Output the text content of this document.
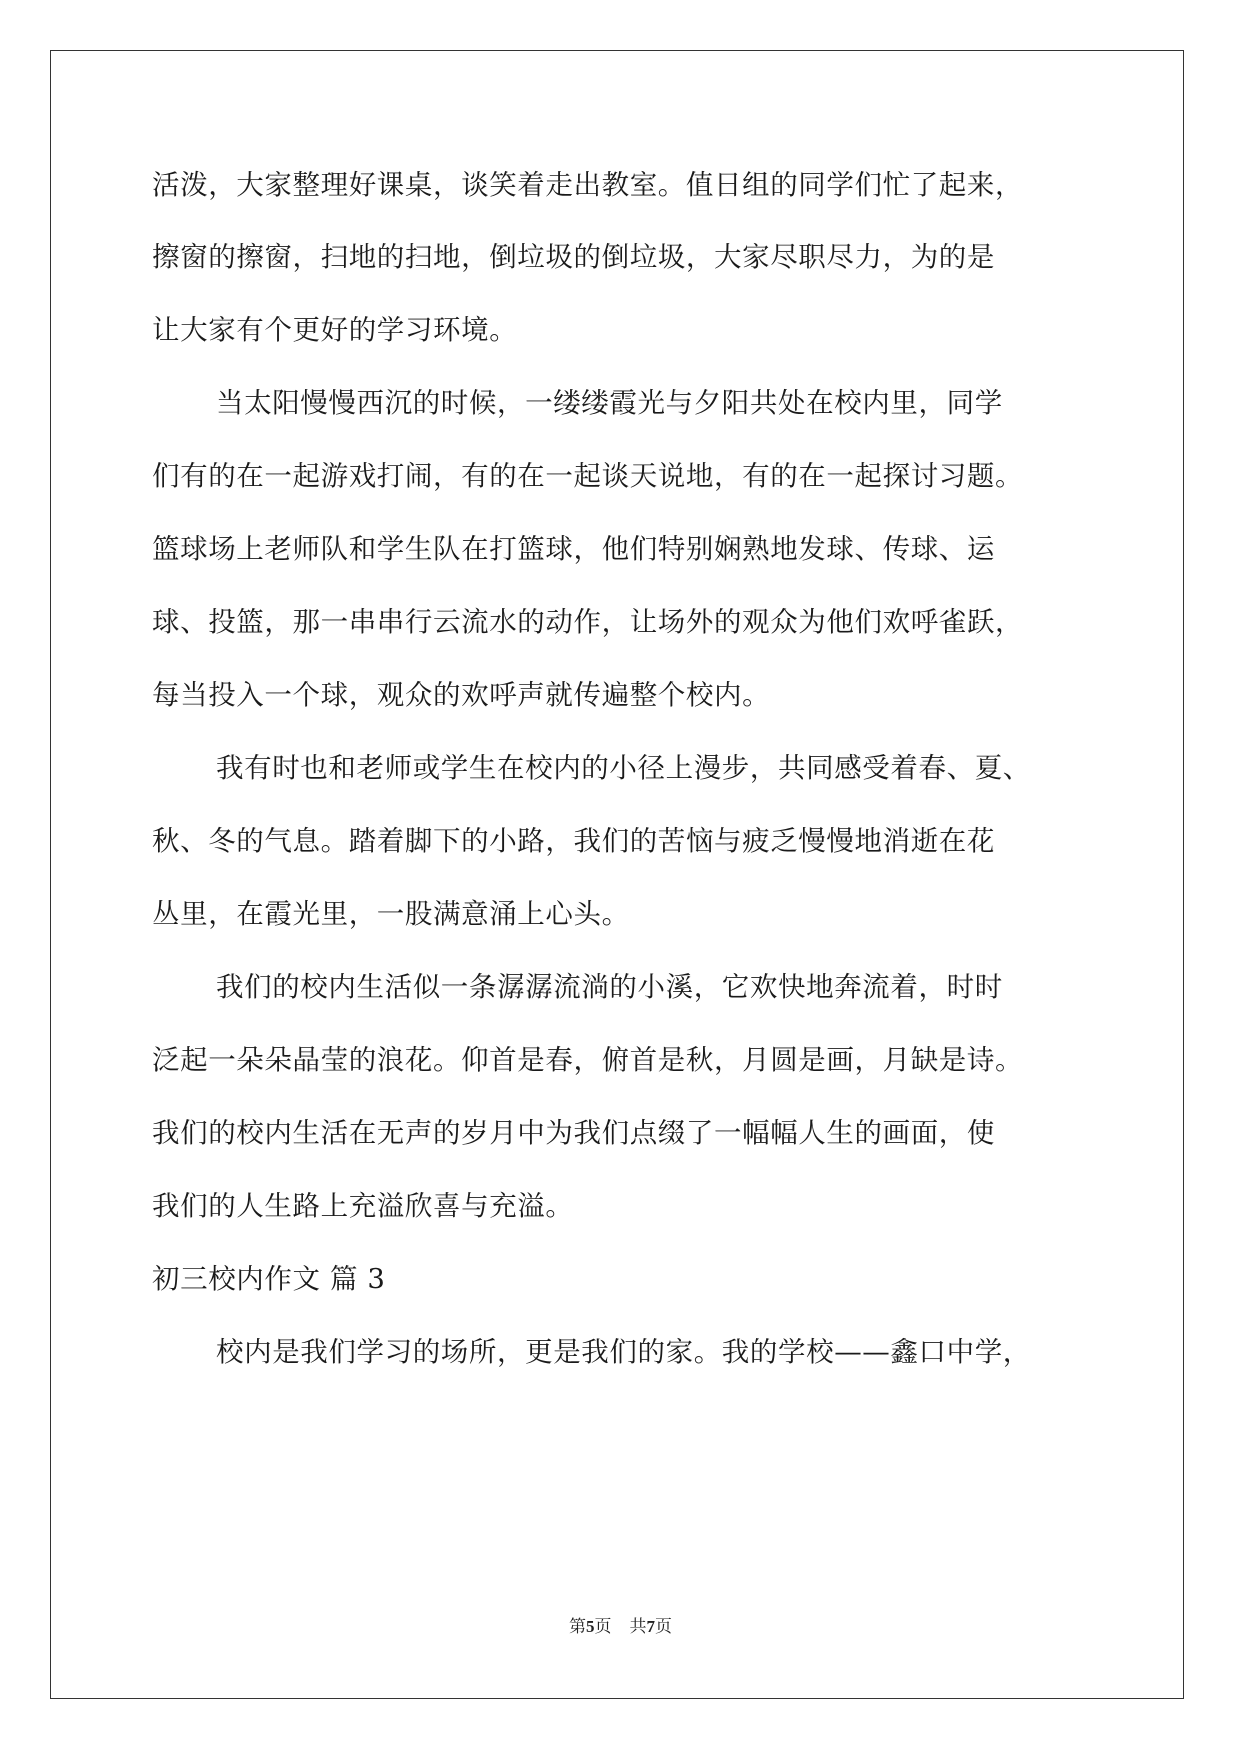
活泼，大家整理好课桌，谈笑着走出教室。值日组的同学们忙了起来，
擦窗的擦窗，扫地的扫地，倒垃圾的倒垃圾，大家尽职尽力，为的是
让大家有个更好的学习环境。
当太阳慢慢西沉的时候，一缕缕霞光与夕阳共处在校内里，同学
们有的在一起游戏打闹，有的在一起谈天说地，有的在一起探讨习题。
篮球场上老师队和学生队在打篮球，他们特别娴熟地发球、传球、运
球、投篮，那一串串行云流水的动作，让场外的观众为他们欢呼雀跃，
每当投入一个球，观众的欢呼声就传遍整个校内。
我有时也和老师或学生在校内的小径上漫步，共同感受着春、夏、
秋、冬的气息。踏着脚下的小路，我们的苦恼与疲乏慢慢地消逝在花
丛里，在霞光里，一股满意涌上心头。
我们的校内生活似一条潺潺流淌的小溪，它欢快地奔流着，时时
泛起一朵朵晶莹的浪花。仰首是春，俯首是秋，月圆是画，月缺是诗。
我们的校内生活在无声的岁月中为我们点缀了一幅幅人生的画面，使
我们的人生路上充溢欣喜与充溢。
初三校内作文 篇 3
校内是我们学习的场所，更是我们的家。我的学校——鑫口中学，
第5页 共7页
